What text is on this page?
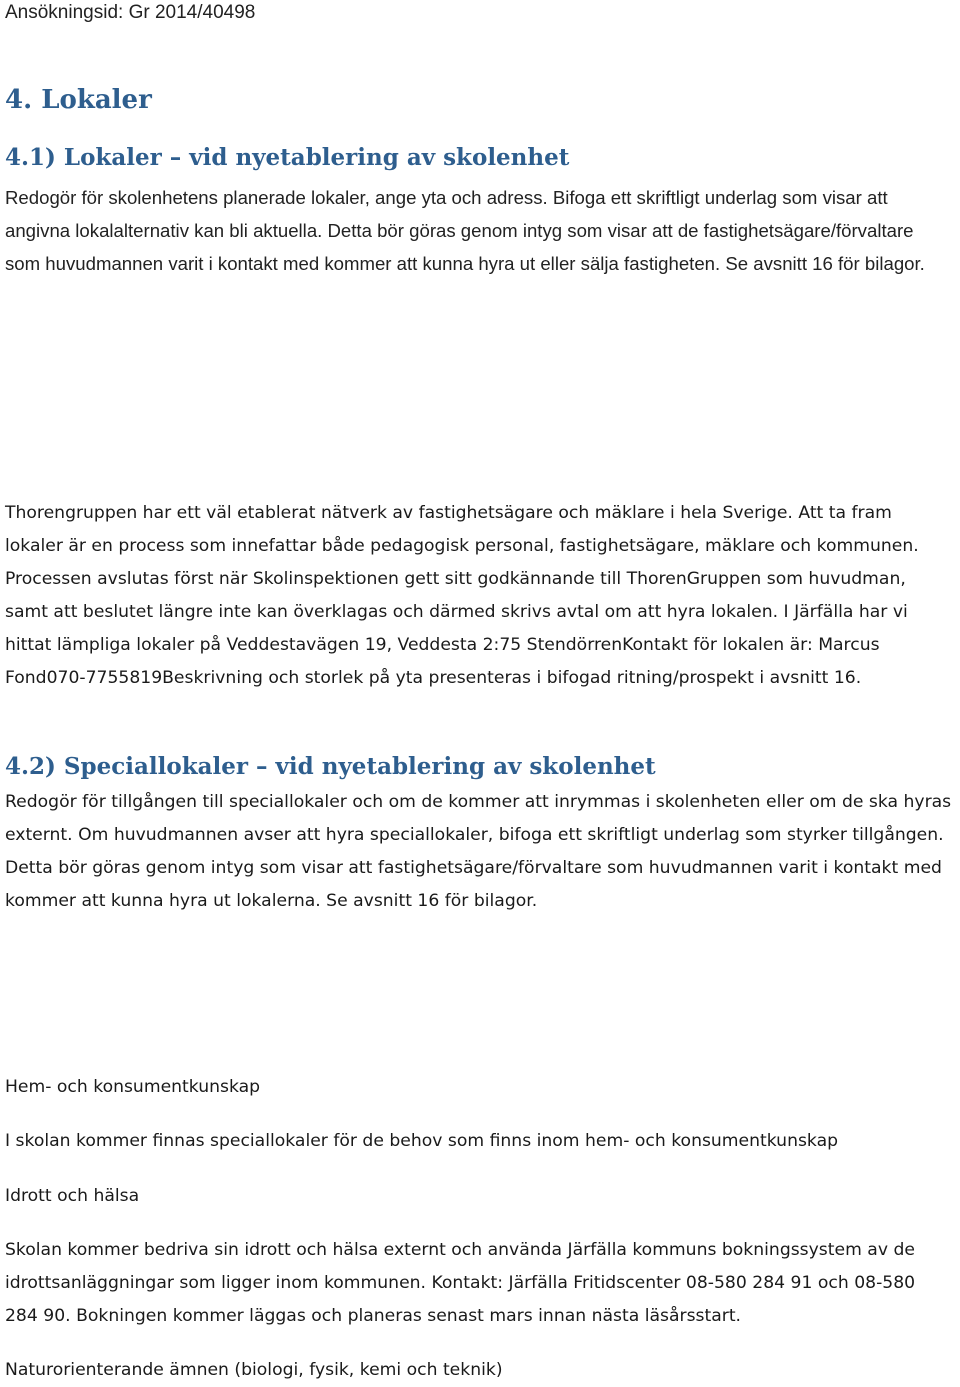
Ansökningsid: Gr 2014/40498
4. Lokaler
4.1) Lokaler – vid nyetablering av skolenhet

Redogör för skolenhetens planerade lokaler, ange yta och adress. Bifoga ett skriftligt underlag som visar att angivna lokalalternativ kan bli aktuella. Detta bör göras genom intyg som visar att de fastighetsägare/förvaltare som huvudmannen varit i kontakt med kommer att kunna hyra ut eller sälja fastigheten. Se avsnitt 16 för bilagor.

Thorengruppen har ett väl etablerat nätverk av fastighetsägare och mäklare i hela Sverige. Att ta fram lokaler är en process som innefattar både pedagogisk personal, fastighetsägare, mäklare och kommunen. Processen avslutas först när Skolinspektionen gett sitt godkännande till ThorenGruppen som huvudman, samt att beslutet längre inte kan överklagas och därmed skrivs avtal om att hyra lokalen. I Järfälla har vi hittat lämpliga lokaler på Veddestavägen 19, Veddesta 2:75 StendörrenKontakt för lokalen är: Marcus Fond070-7755819Beskrivning och storlek på yta presenteras i bifogad ritning/prospekt i avsnitt 16.

4.2) Speciallokaler – vid nyetablering av skolenhet

Redogör för tillgången till speciallokaler och om de kommer att inrymmas i skolenheten eller om de ska hyras externt. Om huvudmannen avser att hyra speciallokaler, bifoga ett skriftligt underlag som styrker tillgången. Detta bör göras genom intyg som visar att fastighetsägare/förvaltare som huvudmannen varit i kontakt med kommer att kunna hyra ut lokalerna. Se avsnitt 16 för bilagor.

Hem- och konsumentkunskap

I skolan kommer finnas speciallokaler för de behov som finns inom hem- och konsumentkunskap

Idrott och hälsa

Skolan kommer bedriva sin idrott och hälsa externt och använda Järfälla kommuns bokningssystem av de idrottsanläggningar som ligger inom kommunen. Kontakt: Järfälla Fritidscenter 08-580 284 91 och 08-580 284 90. Bokningen kommer läggas och planeras senast mars innan nästa läsårsstart.

Naturorienterande ämnen (biologi, fysik, kemi och teknik)
